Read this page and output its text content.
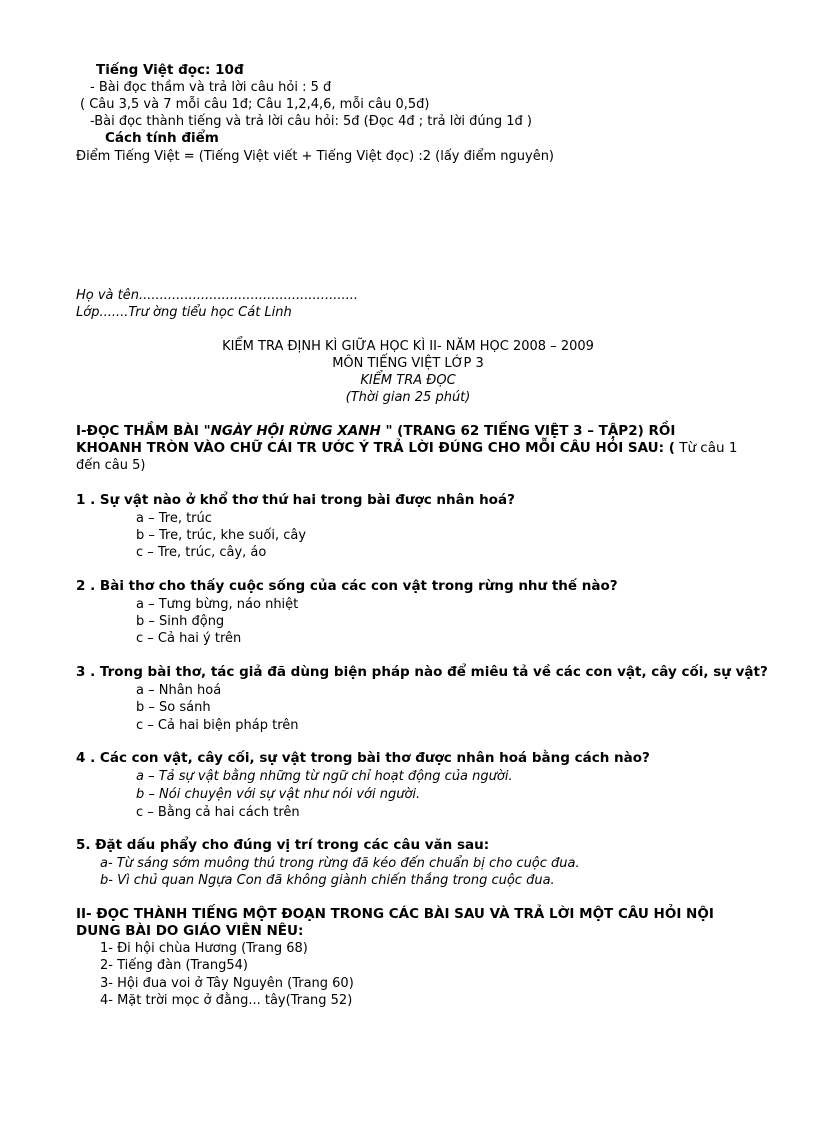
Tiếng Việt đọc: 10đ
- Bài đọc thầm và trả lời câu hỏi : 5 đ
( Câu 3,5 và 7 mỗi câu 1đ; Câu 1,2,4,6, mỗi câu 0,5đ)
-Bài đọc thành tiếng và trả lời câu hỏi: 5đ (Đọc 4đ ; trả lời đúng 1đ )
Cách tính điểm
Điểm Tiếng Việt = (Tiếng Việt viết + Tiếng Việt đọc) :2 (lấy điểm nguyên)
Họ và tên.....................................................
Lớp.......Trư ờng tiểu học Cát Linh
KIỂM TRA ĐỊNH KÌ GIỮA HỌC KÌ II- NĂM HỌC 2008 – 2009
MÔN TIẾNG VIỆT LỚP 3
KIỂM TRA ĐỌC
(Thời gian 25 phút)
I-ĐỌC THẦM BÀI "NGÀY HỘI RỪNG XANH " (TRANG 62 TIẾNG VIỆT 3 – TẬP2) RỒI
KHOANH TRÒN VÀO CHỮ CÁI TR ƯỚC Ý TRẢ LỜI ĐÚNG CHO MỖI CÂU HỎI SAU: ( Từ câu 1
đến câu 5)
1 . Sự vật nào ở khổ thơ thứ hai trong bài được nhân hoá?
a – Tre, trúc
b – Tre, trúc, khe suối, cây
c – Tre, trúc, cây, áo
2 . Bài thơ cho thấy cuộc sống của các con vật trong rừng như thế nào?
a – Tưng bừng, náo nhiệt
b – Sinh động
c – Cả hai ý trên
3 . Trong bài thơ, tác giả đã dùng biện pháp nào để miêu tả về các con vật, cây cối, sự vật?
a – Nhân hoá
b – So sánh
c – Cả hai biện pháp trên
4 . Các con vật, cây cối, sự vật trong bài thơ được nhân hoá bằng cách nào?
a – Tả sự vật bằng những từ ngữ chỉ hoạt động của người.
b – Nói chuyện với sự vật như nói với người.
c – Bằng cả hai cách trên
5. Đặt dấu phẩy cho đúng vị trí trong các câu văn sau:
a- Từ sáng sớm muông thú trong rừng đã kéo đến chuẩn bị cho cuộc đua.
b- Vì chủ quan Ngựa Con đã không giành chiến thắng trong cuộc đua.
II- ĐỌC THÀNH TIẾNG MỘT ĐOẠN TRONG CÁC BÀI SAU VÀ TRẢ LỜI MỘT CÂU HỎI NỘI
DUNG BÀI DO GIÁO VIÊN NÊU:
1- Đi hội chùa Hương (Trang 68)
2- Tiếng đàn (Trang54)
3- Hội đua voi ở Tây Nguyên (Trang 60)
4- Mặt trời mọc ở đằng... tây(Trang 52)
